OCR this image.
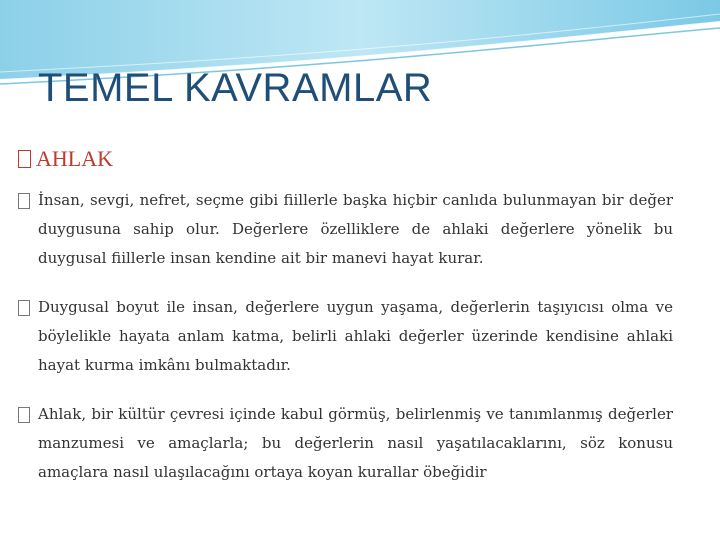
TEMEL KAVRAMLAR
AHLAK
İnsan, sevgi, nefret, seçme gibi fiillerle başka hiçbir canlıda bulunmayan bir değer duygusuna sahip olur. Değerlere özelliklere de ahlaki değerlere yönelik bu duygusal fiillerle insan kendine ait bir manevi hayat kurar.
Duygusal boyut ile insan, değerlere uygun yaşama, değerlerin taşıyıcısı olma ve böylelikle hayata anlam katma, belirli ahlaki değerler üzerinde kendisine ahlaki hayat kurma imkânı bulmaktadır.
Ahlak, bir kültür çevresi içinde kabul görmüş, belirlenmiş ve tanımlanmış değerler manzumesi ve amaçlarla; bu değerlerin nasıl yaşatılacaklarını, söz konusu amaçlara nasıl ulaşılacağını ortaya koyan kurallar öbeğidir
